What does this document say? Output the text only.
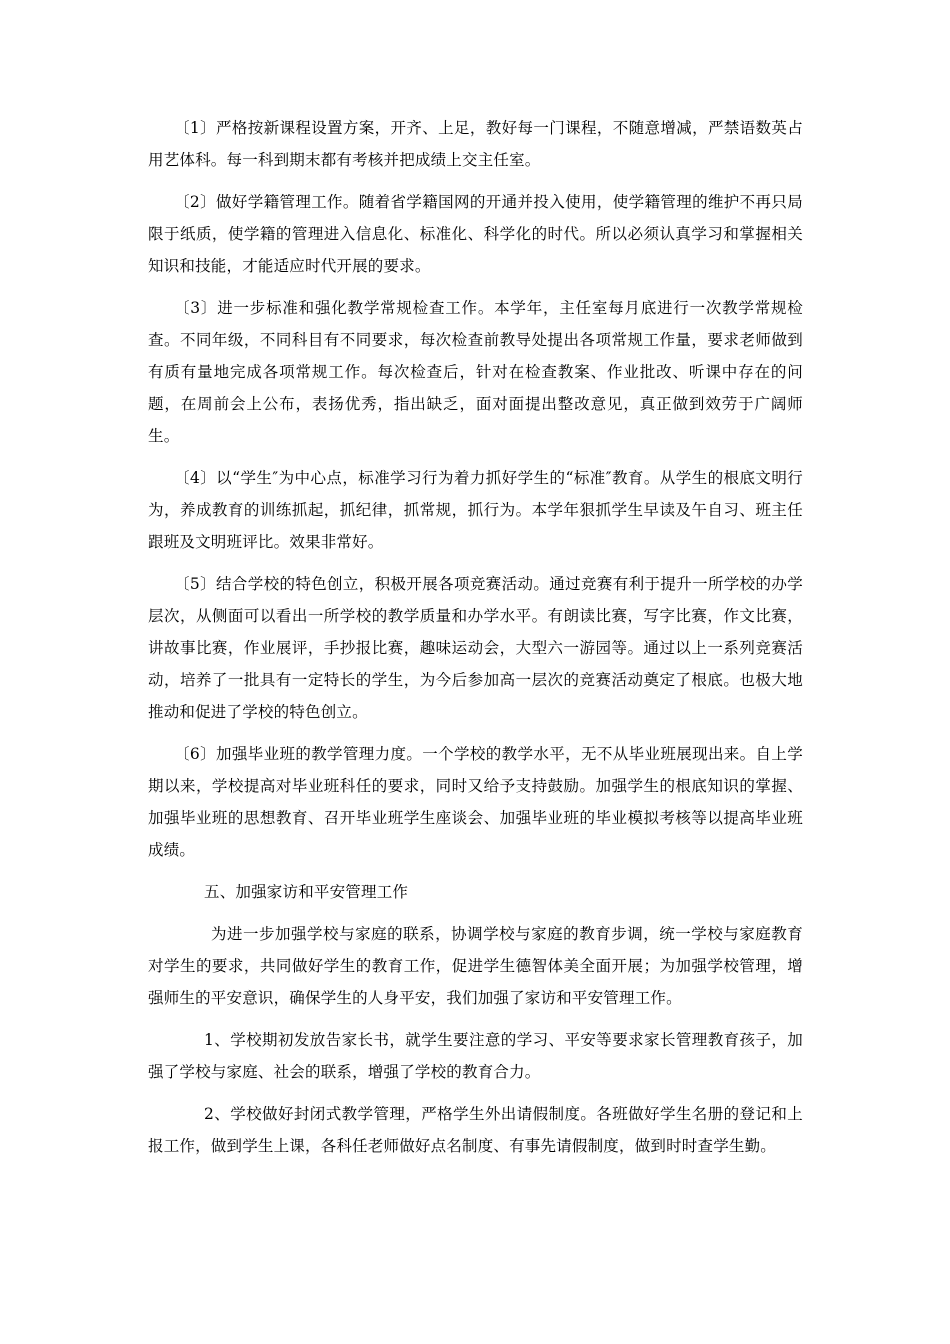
〔1〕严格按新课程设置方案，开齐、上足，教好每一门课程，不随意增减，严禁语数英占用艺体科。每一科到期末都有考核并把成绩上交主任室。

〔2〕做好学籍管理工作。随着省学籍国网的开通并投入使用，使学籍管理的维护不再只局限于纸质，使学籍的管理进入信息化、标准化、科学化的时代。所以必须认真学习和掌握相关知识和技能，才能适应时代开展的要求。

〔3〕进一步标准和强化教学常规检查工作。本学年，主任室每月底进行一次教学常规检查。不同年级，不同科目有不同要求，每次检查前教导处提出各项常规工作量，要求老师做到有质有量地完成各项常规工作。每次检查后，针对在检查教案、作业批改、听课中存在的问题，在周前会上公布，表扬优秀，指出缺乏，面对面提出整改意见，真正做到效劳于广阔师生。

〔4〕以“学生″为中心点，标准学习行为着力抓好学生的“标准″教育。从学生的根底文明行为，养成教育的训练抓起，抓纪律，抓常规，抓行为。本学年狠抓学生早读及午自习、班主任跟班及文明班评比。效果非常好。

〔5〕结合学校的特色创立，积极开展各项竞赛活动。通过竞赛有利于提升一所学校的办学层次，从侧面可以看出一所学校的教学质量和办学水平。有朗读比赛，写字比赛，作文比赛，讲故事比赛，作业展评，手抄报比赛，趣味运动会，大型六一游园等。通过以上一系列竞赛活动，培养了一批具有一定特长的学生，为今后参加高一层次的竞赛活动奠定了根底。也极大地推动和促进了学校的特色创立。

〔6〕加强毕业班的教学管理力度。一个学校的教学水平，无不从毕业班展现出来。自上学期以来，学校提高对毕业班科任的要求，同时又给予支持鼓励。加强学生的根底知识的掌握、加强毕业班的思想教育、召开毕业班学生座谈会、加强毕业班的毕业模拟考核等以提高毕业班成绩。

五、加强家访和平安管理工作

为进一步加强学校与家庭的联系，协调学校与家庭的教育步调，统一学校与家庭教育对学生的要求，共同做好学生的教育工作，促进学生德智体美全面开展；为加强学校管理，增强师生的平安意识，确保学生的人身平安，我们加强了家访和平安管理工作。

1、学校期初发放告家长书，就学生要注意的学习、平安等要求家长管理教育孩子，加强了学校与家庭、社会的联系，增强了学校的教育合力。

2、学校做好封闭式教学管理，严格学生外出请假制度。各班做好学生名册的登记和上报工作，做到学生上课，各科任老师做好点名制度、有事先请假制度，做到时时查学生勤。
